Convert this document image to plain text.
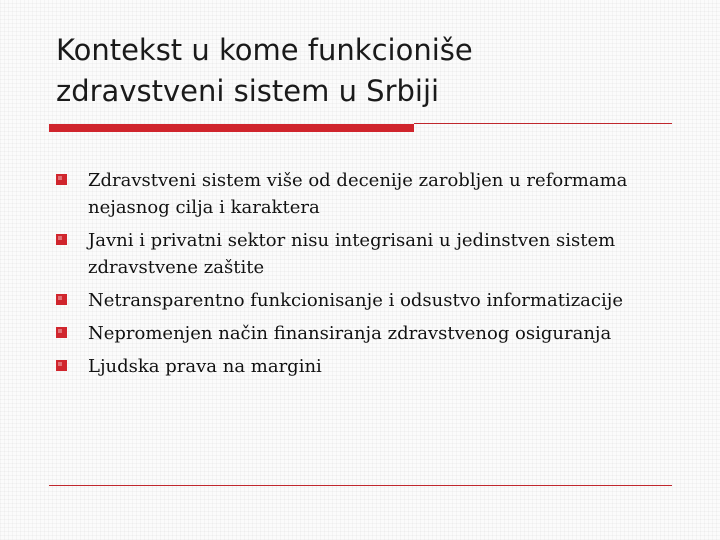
Kontekst u kome funkcioniše
zdravstveni sistem u Srbiji
Zdravstveni sistem više od decenije zarobljen u reformama
nejasnog cilja i karaktera
Javni i privatni sektor nisu integrisani u jedinstven sistem
zdravstvene zaštite
Netransparentno funkcionisanje i odsustvo informatizacije
Nepromenjen način finansiranja zdravstvenog osiguranja
Ljudska prava na margini
